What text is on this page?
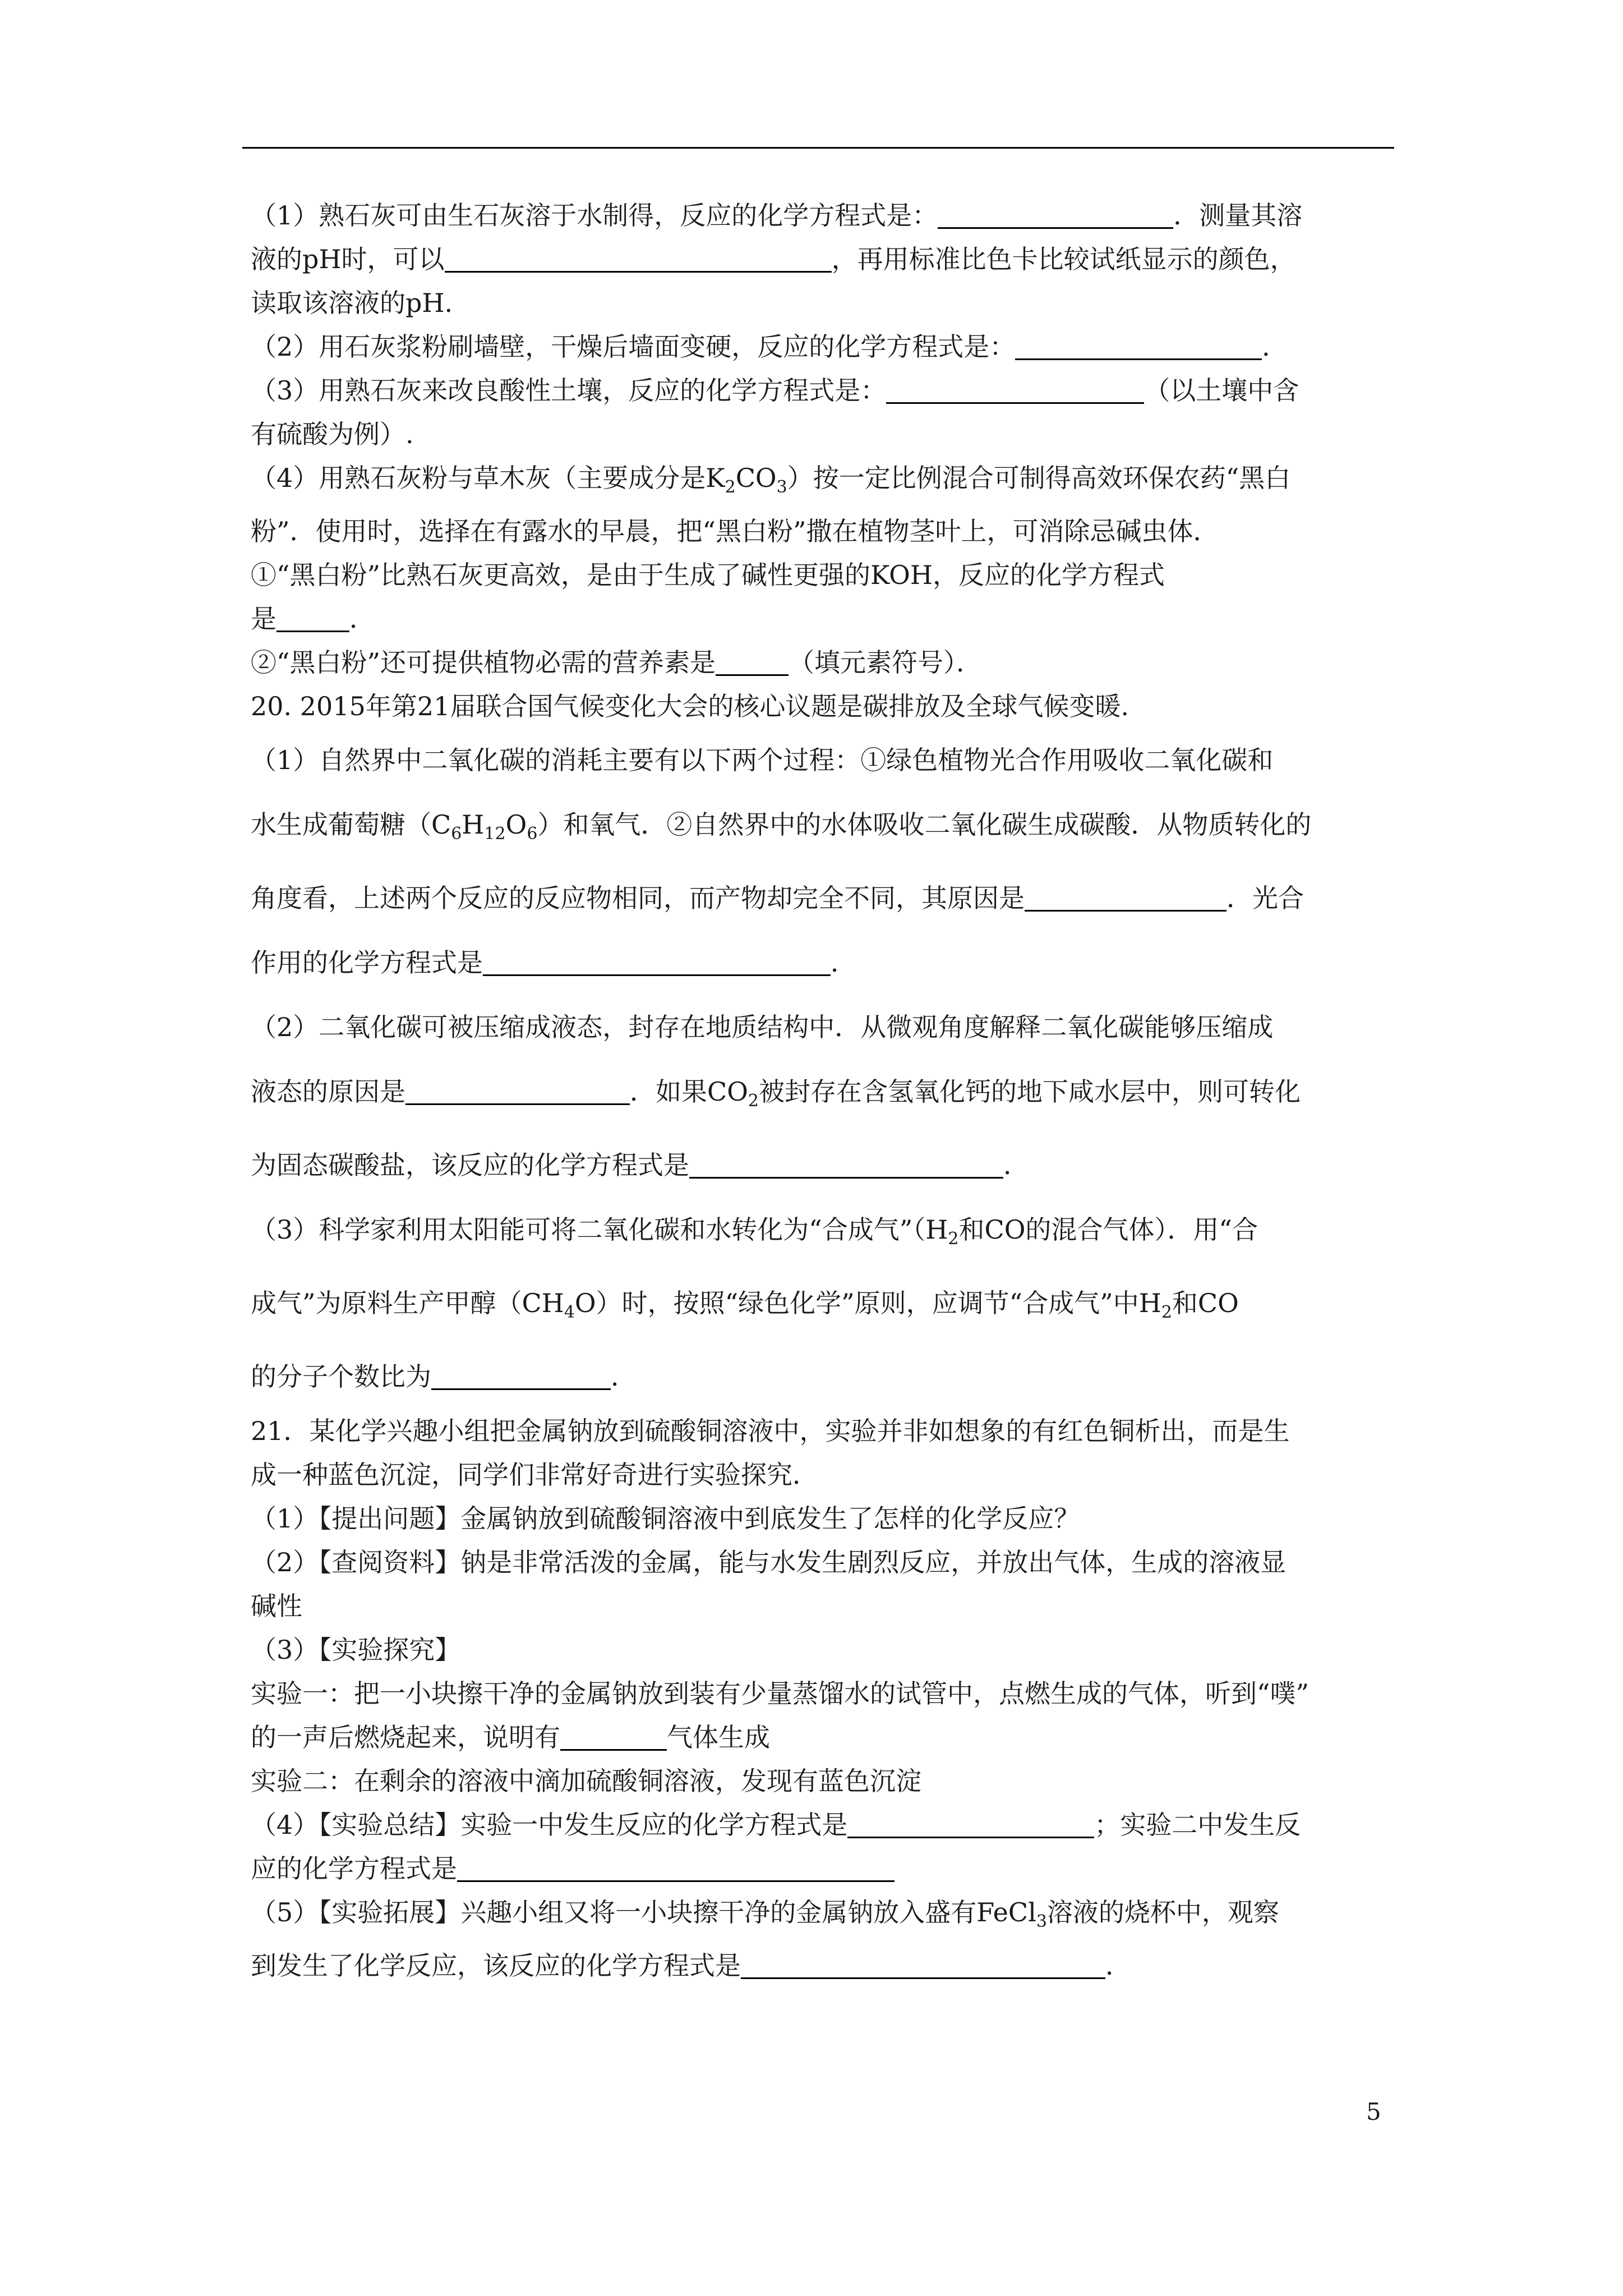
（1）熟石灰可由生石灰溶于水制得，反应的化学方程式是：	．测量其溶
液的pH时，可以	，再用标准比色卡比较试纸显示的颜色，
读取该溶液的pH.
（2）用石灰浆粉刷墙壁，干燥后墙面变硬，反应的化学方程式是：	．
（3）用熟石灰来改良酸性土壤，反应的化学方程式是：	（以土壤中含
有硫酸为例）.
（4）用熟石灰粉与草木灰（主要成分是$K_2CO_3$）按一定比例混合可制得高效环保农药“黑白
粉”．使用时，选择在有露水的早晨，把“黑白粉”撒在植物茎叶上，可消除忌碱虫体．
①“黑白粉”比熟石灰更高效，是由于生成了碱性更强的KOH，反应的化学方程式
是	．
②“黑白粉”还可提供植物必需的营养素是	（填元素符号）．
20. 2015年第21届联合国气候变化大会的核心议题是碳排放及全球气候变暖.
（1）自然界中二氧化碳的消耗主要有以下两个过程：①绿色植物光合作用吸收二氧化碳和
水生成葡萄糖$(C_6H_{12}O_6)$和氧气．②自然界中的水体吸收二氧化碳生成碳酸．从物质转化的
角度看，上述两个反应的反应物相同，而产物却完全不同，其原因是	．光合
作用的化学方程式是	．
（2）二氧化碳可被压缩成液态，封存在地质结构中．从微观角度解释二氧化碳能够压缩成
液态的原因是	．如果$CO_2$被封存在含氢氧化钙的地下咸水层中，则可转化
为固态碳酸盐，该反应的化学方程式是	．
（3）科学家利用太阳能可将二氧化碳和水转化为“合成气$”(H_2$和CO的混合气体）．用“合
成气”为原料生产甲醇$(CH_4O)$时，按照“绿色化学”原则，应调节“合成气”中$H_2$和CO
的分子个数比为	．
21．某化学兴趣小组把金属钠放到硫酸铜溶液中，实验并非如想象的有红色铜析出，而是生
成一种蓝色沉淀，同学们非常好奇进行实验探究．
（1）【提出问题】金属钠放到硫酸铜溶液中到底发生了怎样的化学反应？
（2）【查阅资料】钠是非常活泼的金属，能与水发生剧烈反应，并放出气体，生成的溶液显
碱性
（3）【实验探究】
实验一：把一小块擦干净的金属钠放到装有少量蒸馏水的试管中，点燃生成的气体，听到“噗”
的一声后燃烧起来，说明有	气体生成
实验二：在剩余的溶液中滴加硫酸铜溶液，发现有蓝色沉淀
（4）【实验总结】实验一中发生反应的化学方程式是	；实验二中发生反
应的化学方程式是
（5）【实验拓展】兴趣小组又将一小块擦干净的金属钠放入盛有FeCl$_3$溶液的烧杯中，观察
到发生了化学反应，该反应的化学方程式是	．
5
